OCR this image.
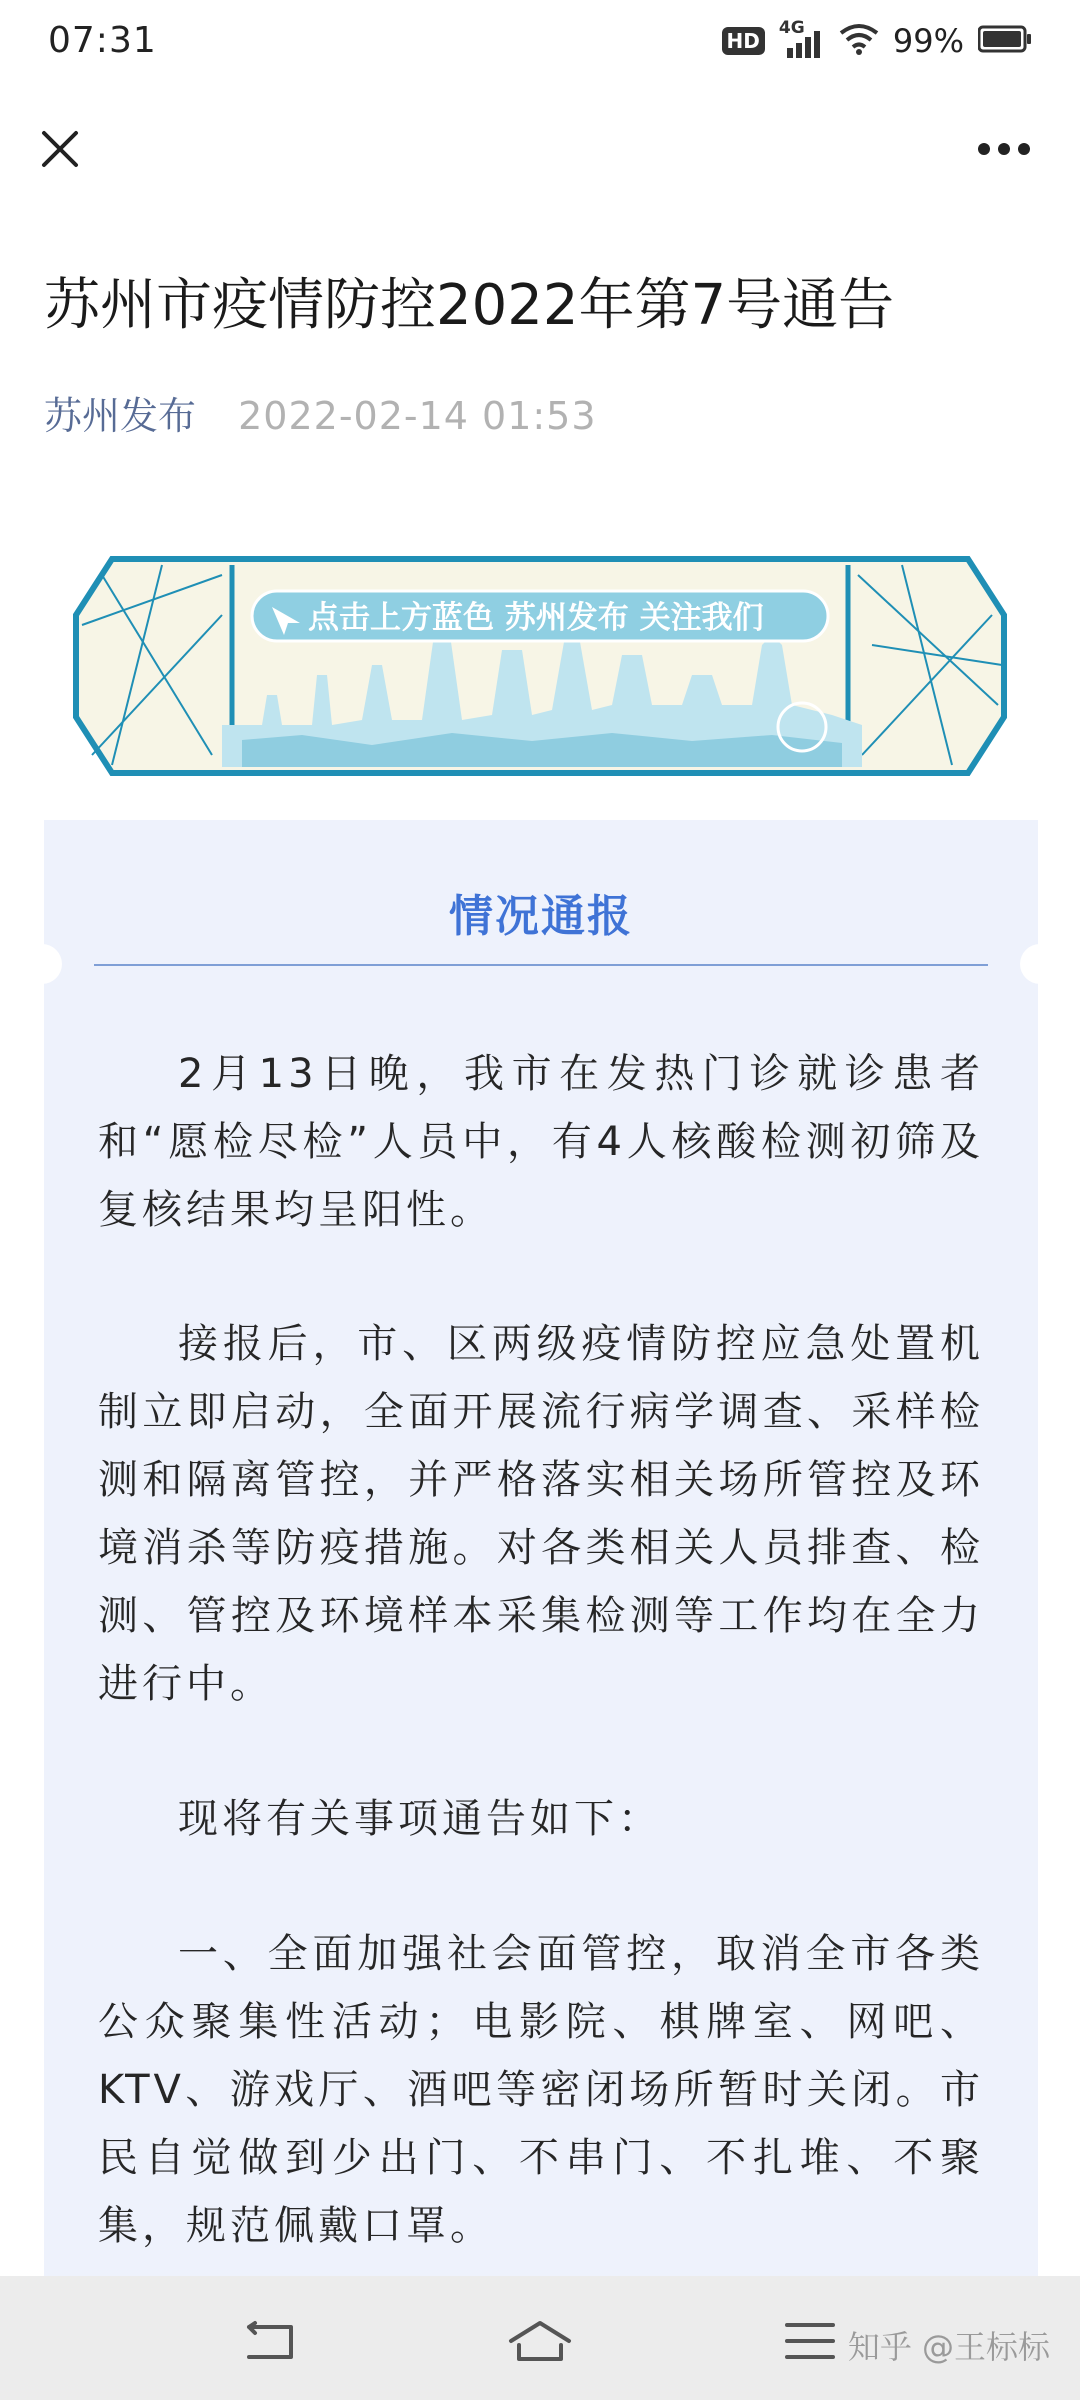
07:31	HD
4G	99%
苏州市疫情防控2022年第7号通告
苏州发布 2022-02-14 01:53
点击上方蓝色 苏州发布 关注我们
情况通报

2月13日晚，我市在发热门诊就诊患者和“愿检尽检”人员中，有4人核酸检测初筛及复核结果均呈阳性。

接报后，市、区两级疫情防控应急处置机制立即启动，全面开展流行病学调查、采样检测和隔离管控，并严格落实相关场所管控及环境消杀等防疫措施。对各类相关人员排查、检测、管控及环境样本采集检测等工作均在全力进行中。

现将有关事项通告如下：

一、全面加强社会面管控，取消全市各类公众聚集性活动；电影院、棋牌室、网吧、KTV、游戏厅、酒吧等密闭场所暂时关闭。市民自觉做到少出门、不串门、不扎堆、不聚集，规范佩戴口罩。

知乎 @王标标
